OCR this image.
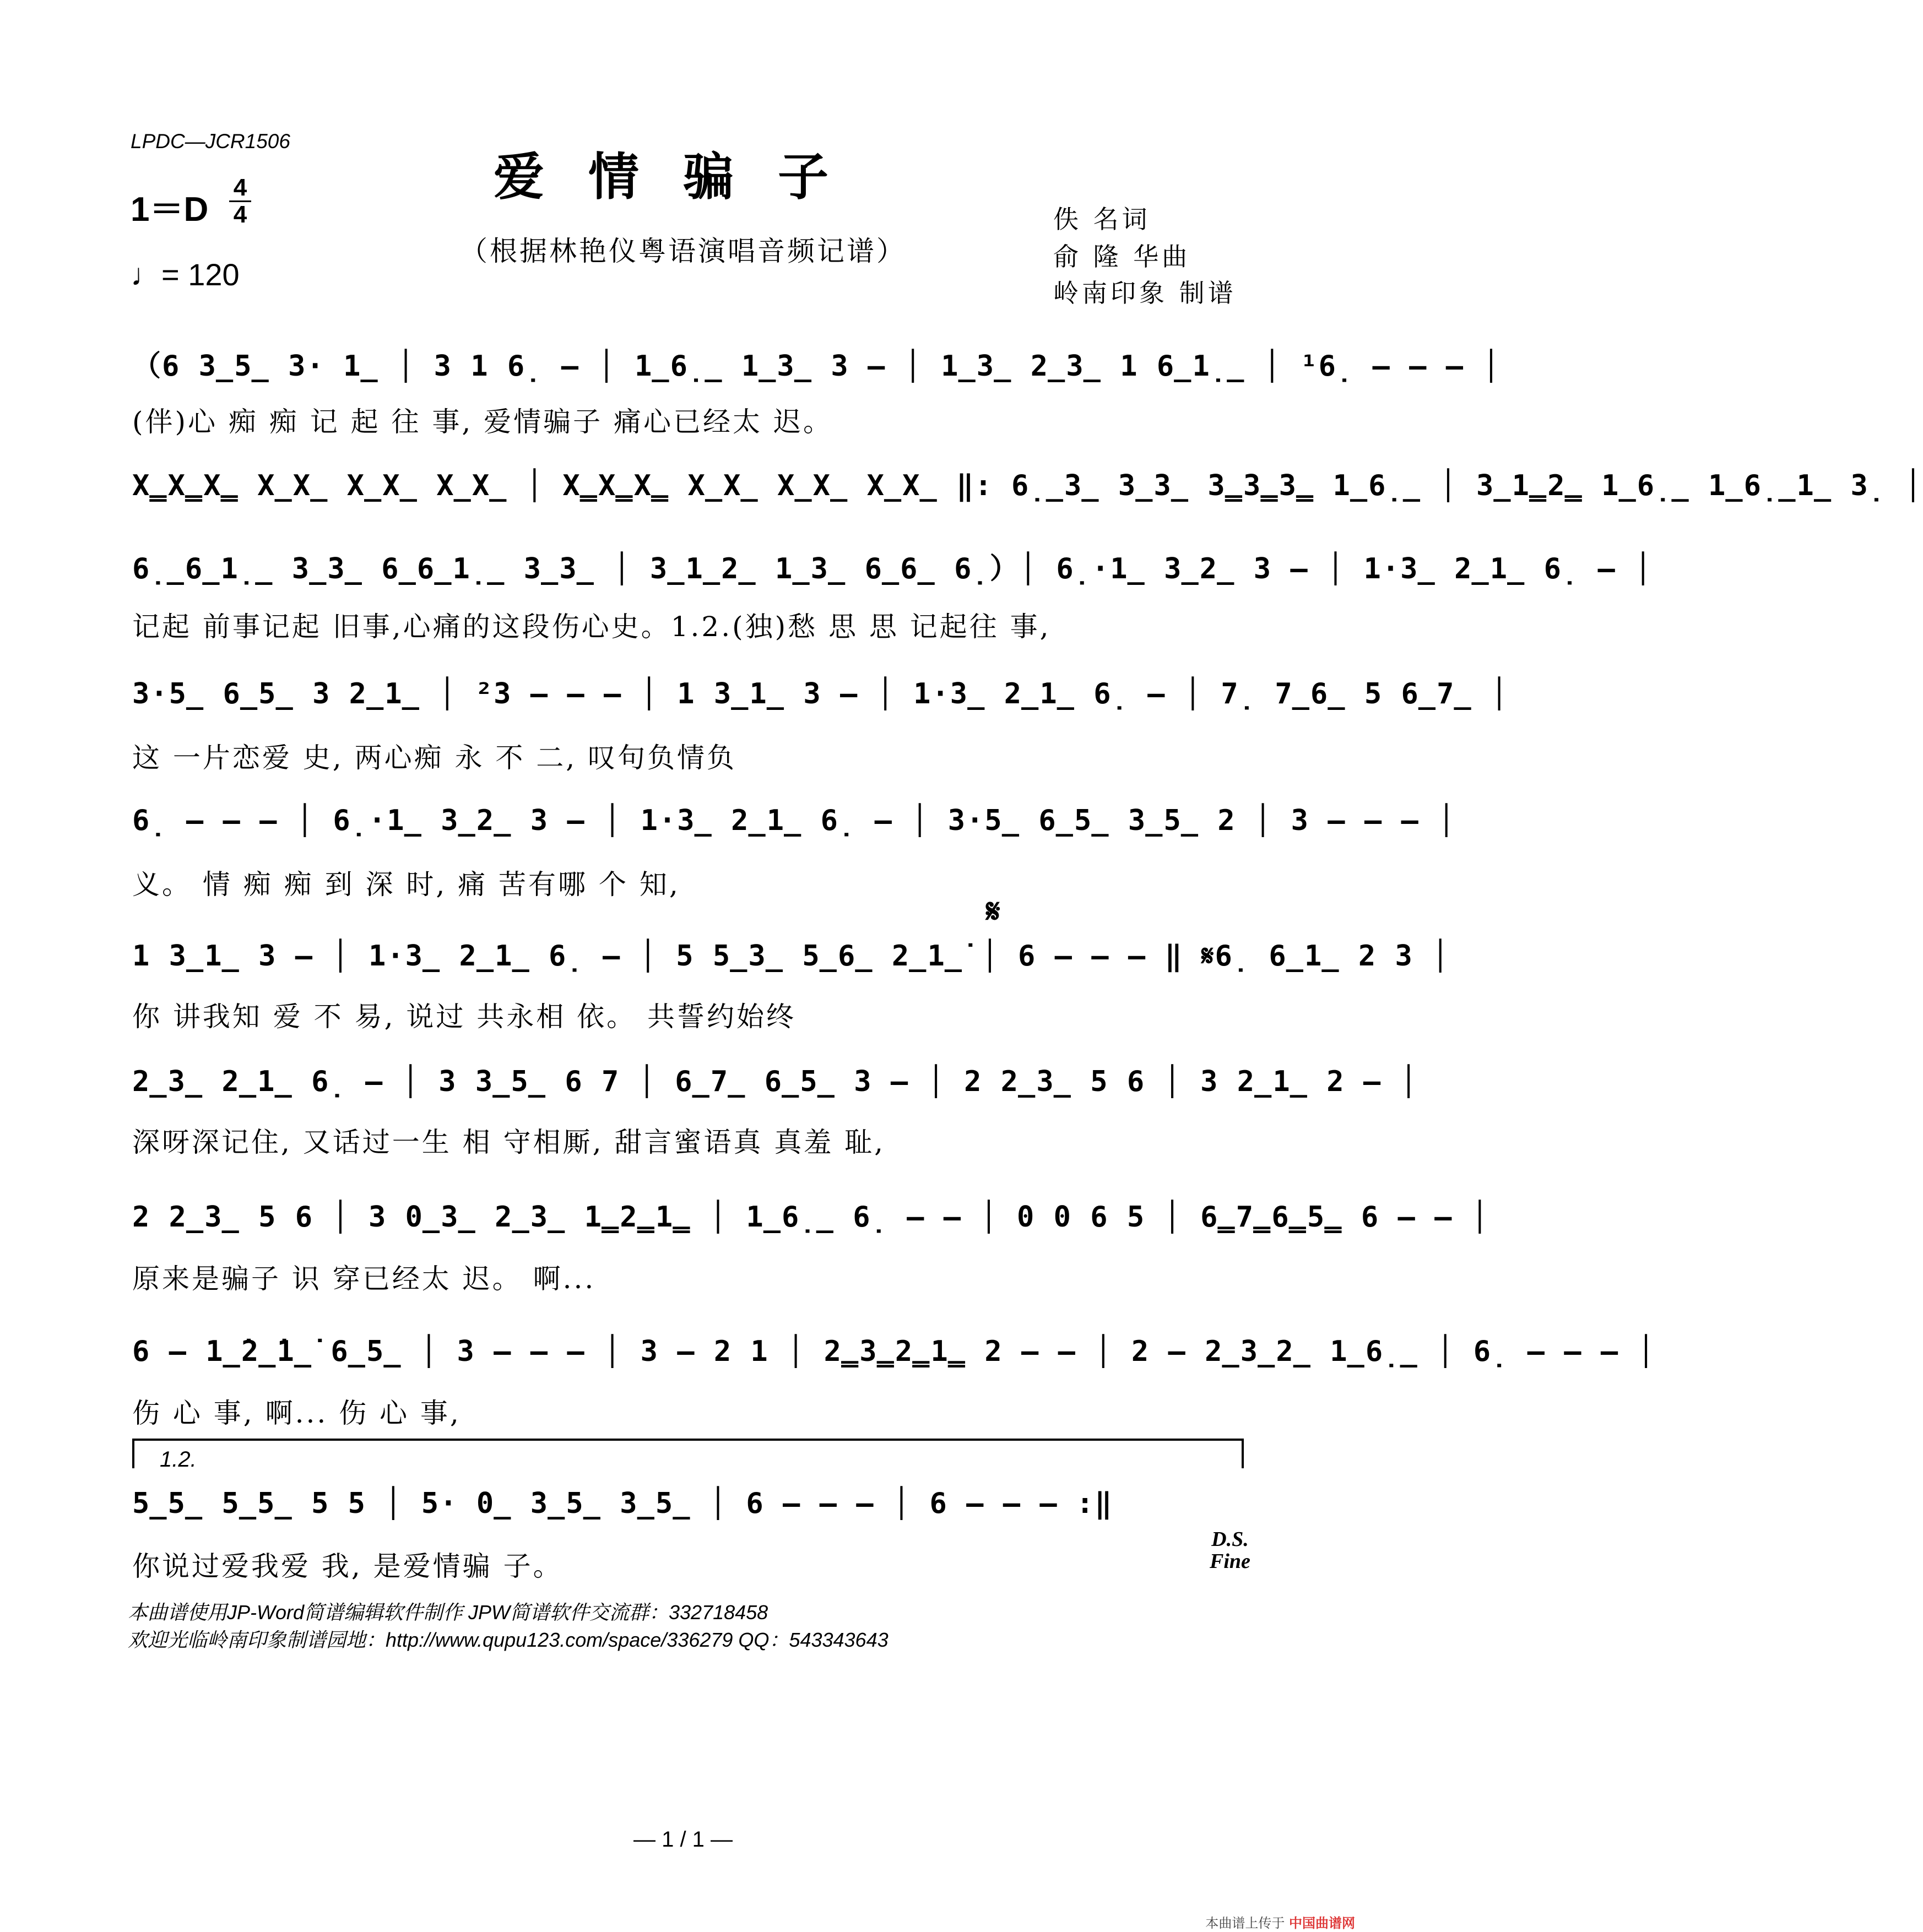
LPDC—JCR1506
爱情骗子
（根据林艳仪粤语演唱音频记谱）
1＝D
4
4
♩= 120
佚 名词
俞 隆 华曲
岭南印象 制谱
（6 3̲5̲ 3· 1̲ │ 3 1 6̣ – │ 1̲6̣̲ 1̲3̲ 3 – │ 1̲3̲ 2̲3̲ 1 6̲1̣̲ │ ¹6̣ – – – │
(伴)心 痴 痴 记 起 往 事, 爱情骗子 痛心已经太 迟。
X̳X̳X̳ X̲X̲ X̲X̲ X̲X̲ │ X̳X̳X̳ X̲X̲ X̲X̲ X̲X̲ ‖: 6̣̲3̲ 3̲3̲ 3̳3̳3̳ 1̲6̣̲ │ 3̲1̳2̳ 1̲6̣̲ 1̲6̣̲1̲ 3̣ │
6̣̲6̲1̣̲ 3̲3̲ 6̲6̲1̣̲ 3̲3̲ │ 3̲1̲2̲ 1̲3̲ 6̲6̲ 6̣）│ 6̣·1̲ 3̲2̲ 3 – │ 1·3̲ 2̲1̲ 6̣ – │
记起 前事记起 旧事,心痛的这段伤心史。1.2.(独)愁 思 思 记起往 事,
3·5̲ 6̲5̲ 3 2̲1̲ │ ²3 – – – │ 1 3̲1̲ 3 – │ 1·3̲ 2̲1̲ 6̣ – │ 7̣ 7̲6̲ 5 6̲7̲ │
这 一片恋爱 史, 两心痴 永 不 二, 叹句负情负
6̣ – – – │ 6̣·1̲ 3̲2̲ 3 – │ 1·3̲ 2̲1̲ 6̣ – │ 3·5̲ 6̲5̲ 3̲5̲ 2 │ 3 – – – │
义。 情 痴 痴 到 深 时, 痛 苦有哪 个 知,
𝄋
1 3̲1̲ 3 – │ 1·3̲ 2̲1̲ 6̣ – │ 5 5̲3̲ 5̲6̲ 2̲1̲̇ │ 6 – – – ‖ 𝄋6̣ 6̲1̲ 2 3 │
你 讲我知 爱 不 易, 说过 共永相 依。 共誓约始终
2̲3̲ 2̲1̲ 6̣ – │ 3 3̲5̲ 6 7 │ 6̲7̲ 6̲5̲ 3 – │ 2 2̲3̲ 5 6 │ 3 2̲1̲ 2 – │
深呀深记住, 又话过一生 相 守相厮, 甜言蜜语真 真羞 耻,
2 2̲3̲ 5 6 │ 3 0̲3̲ 2̲3̲ 1̳2̳1̳ │ 1̲6̣̲ 6̣ – – │ 0 0 6 5 │ 6̳7̳6̳5̳ 6 – – │
原来是骗子 识 穿已经太 迟。 啊...
6 – 1̲̇2̲̇1̲̇ 6̲5̲ │ 3 – – – │ 3 – 2 1 │ 2̳3̳2̳1̳ 2 – – │ 2 – 2̲3̲2̲ 1̲6̣̲ │ 6̣ – – – │
伤 心 事, 啊... 伤 心 事,
1.2.
5̲5̲ 5̲5̲ 5 5 │ 5· 0̲ 3̲5̲ 3̲5̲ │ 6 – – – │ 6 – – – :‖
你说过爱我爱 我, 是爱情骗 子。
D.S.
Fine
本曲谱使用JP-Word简谱编辑软件制作 JPW简谱软件交流群：332718458
欢迎光临岭南印象制谱园地：http://www.qupu123.com/space/336279 QQ：543343643
— 1 / 1 —
本曲谱上传于 中国曲谱网
